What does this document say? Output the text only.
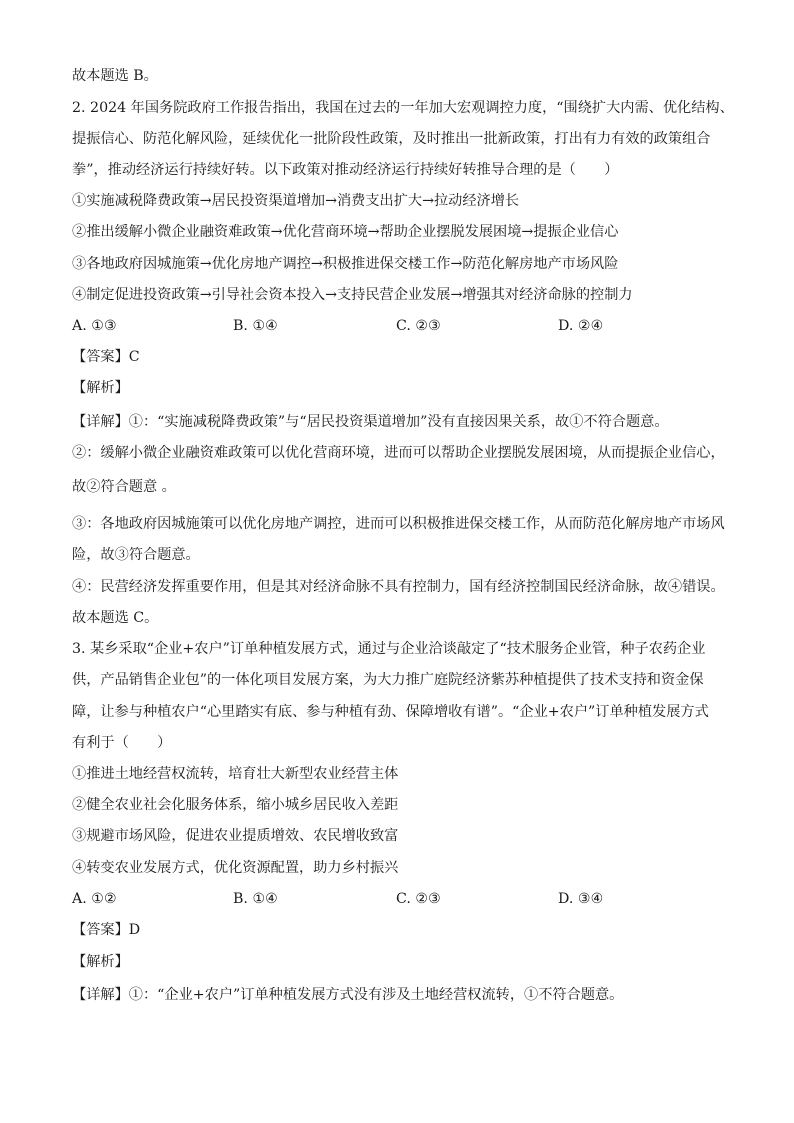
故本题选 B。
2. 2024 年国务院政府工作报告指出，我国在过去的一年加大宏观调控力度，“围绕扩大内需、优化结构、
提振信心、防范化解风险，延续优化一批阶段性政策，及时推出一批新政策，打出有力有效的政策组合
拳”，推动经济运行持续好转。以下政策对推动经济运行持续好转推导合理的是（　　）
①实施减税降费政策→居民投资渠道增加→消费支出扩大→拉动经济增长
②推出缓解小微企业融资难政策→优化营商环境→帮助企业摆脱发展困境→提振企业信心
③各地政府因城施策→优化房地产调控→积极推进保交楼工作→防范化解房地产市场风险
④制定促进投资政策→引导社会资本投入→支持民营企业发展→增强其对经济命脉的控制力
A. ①③	B. ①④	C. ②③	D. ②④
【答案】C
【解析】
【详解】①：“实施减税降费政策”与“居民投资渠道增加”没有直接因果关系，故①不符合题意。
②：缓解小微企业融资难政策可以优化营商环境，进而可以帮助企业摆脱发展困境，从而提振企业信心，
故②符合题意 。
③：各地政府因城施策可以优化房地产调控，进而可以积极推进保交楼工作，从而防范化解房地产市场风
险，故③符合题意。
④：民营经济发挥重要作用，但是其对经济命脉不具有控制力，国有经济控制国民经济命脉，故④错误。
故本题选 C。
3. 某乡采取“企业+农户”订单种植发展方式，通过与企业洽谈敲定了“技术服务企业管，种子农药企业
供，产品销售企业包”的一体化项目发展方案，为大力推广庭院经济紫苏种植提供了技术支持和资金保
障，让参与种植农户“心里踏实有底、参与种植有劲、保障增收有谱”。“企业+农户”订单种植发展方式
有利于（　　）
①推进土地经营权流转，培育壮大新型农业经营主体
②健全农业社会化服务体系，缩小城乡居民收入差距
③规避市场风险，促进农业提质增效、农民增收致富
④转变农业发展方式，优化资源配置，助力乡村振兴
A. ①②	B. ①④	C. ②③	D. ③④
【答案】D
【解析】
【详解】①：“企业+农户”订单种植发展方式没有涉及土地经营权流转，①不符合题意。
